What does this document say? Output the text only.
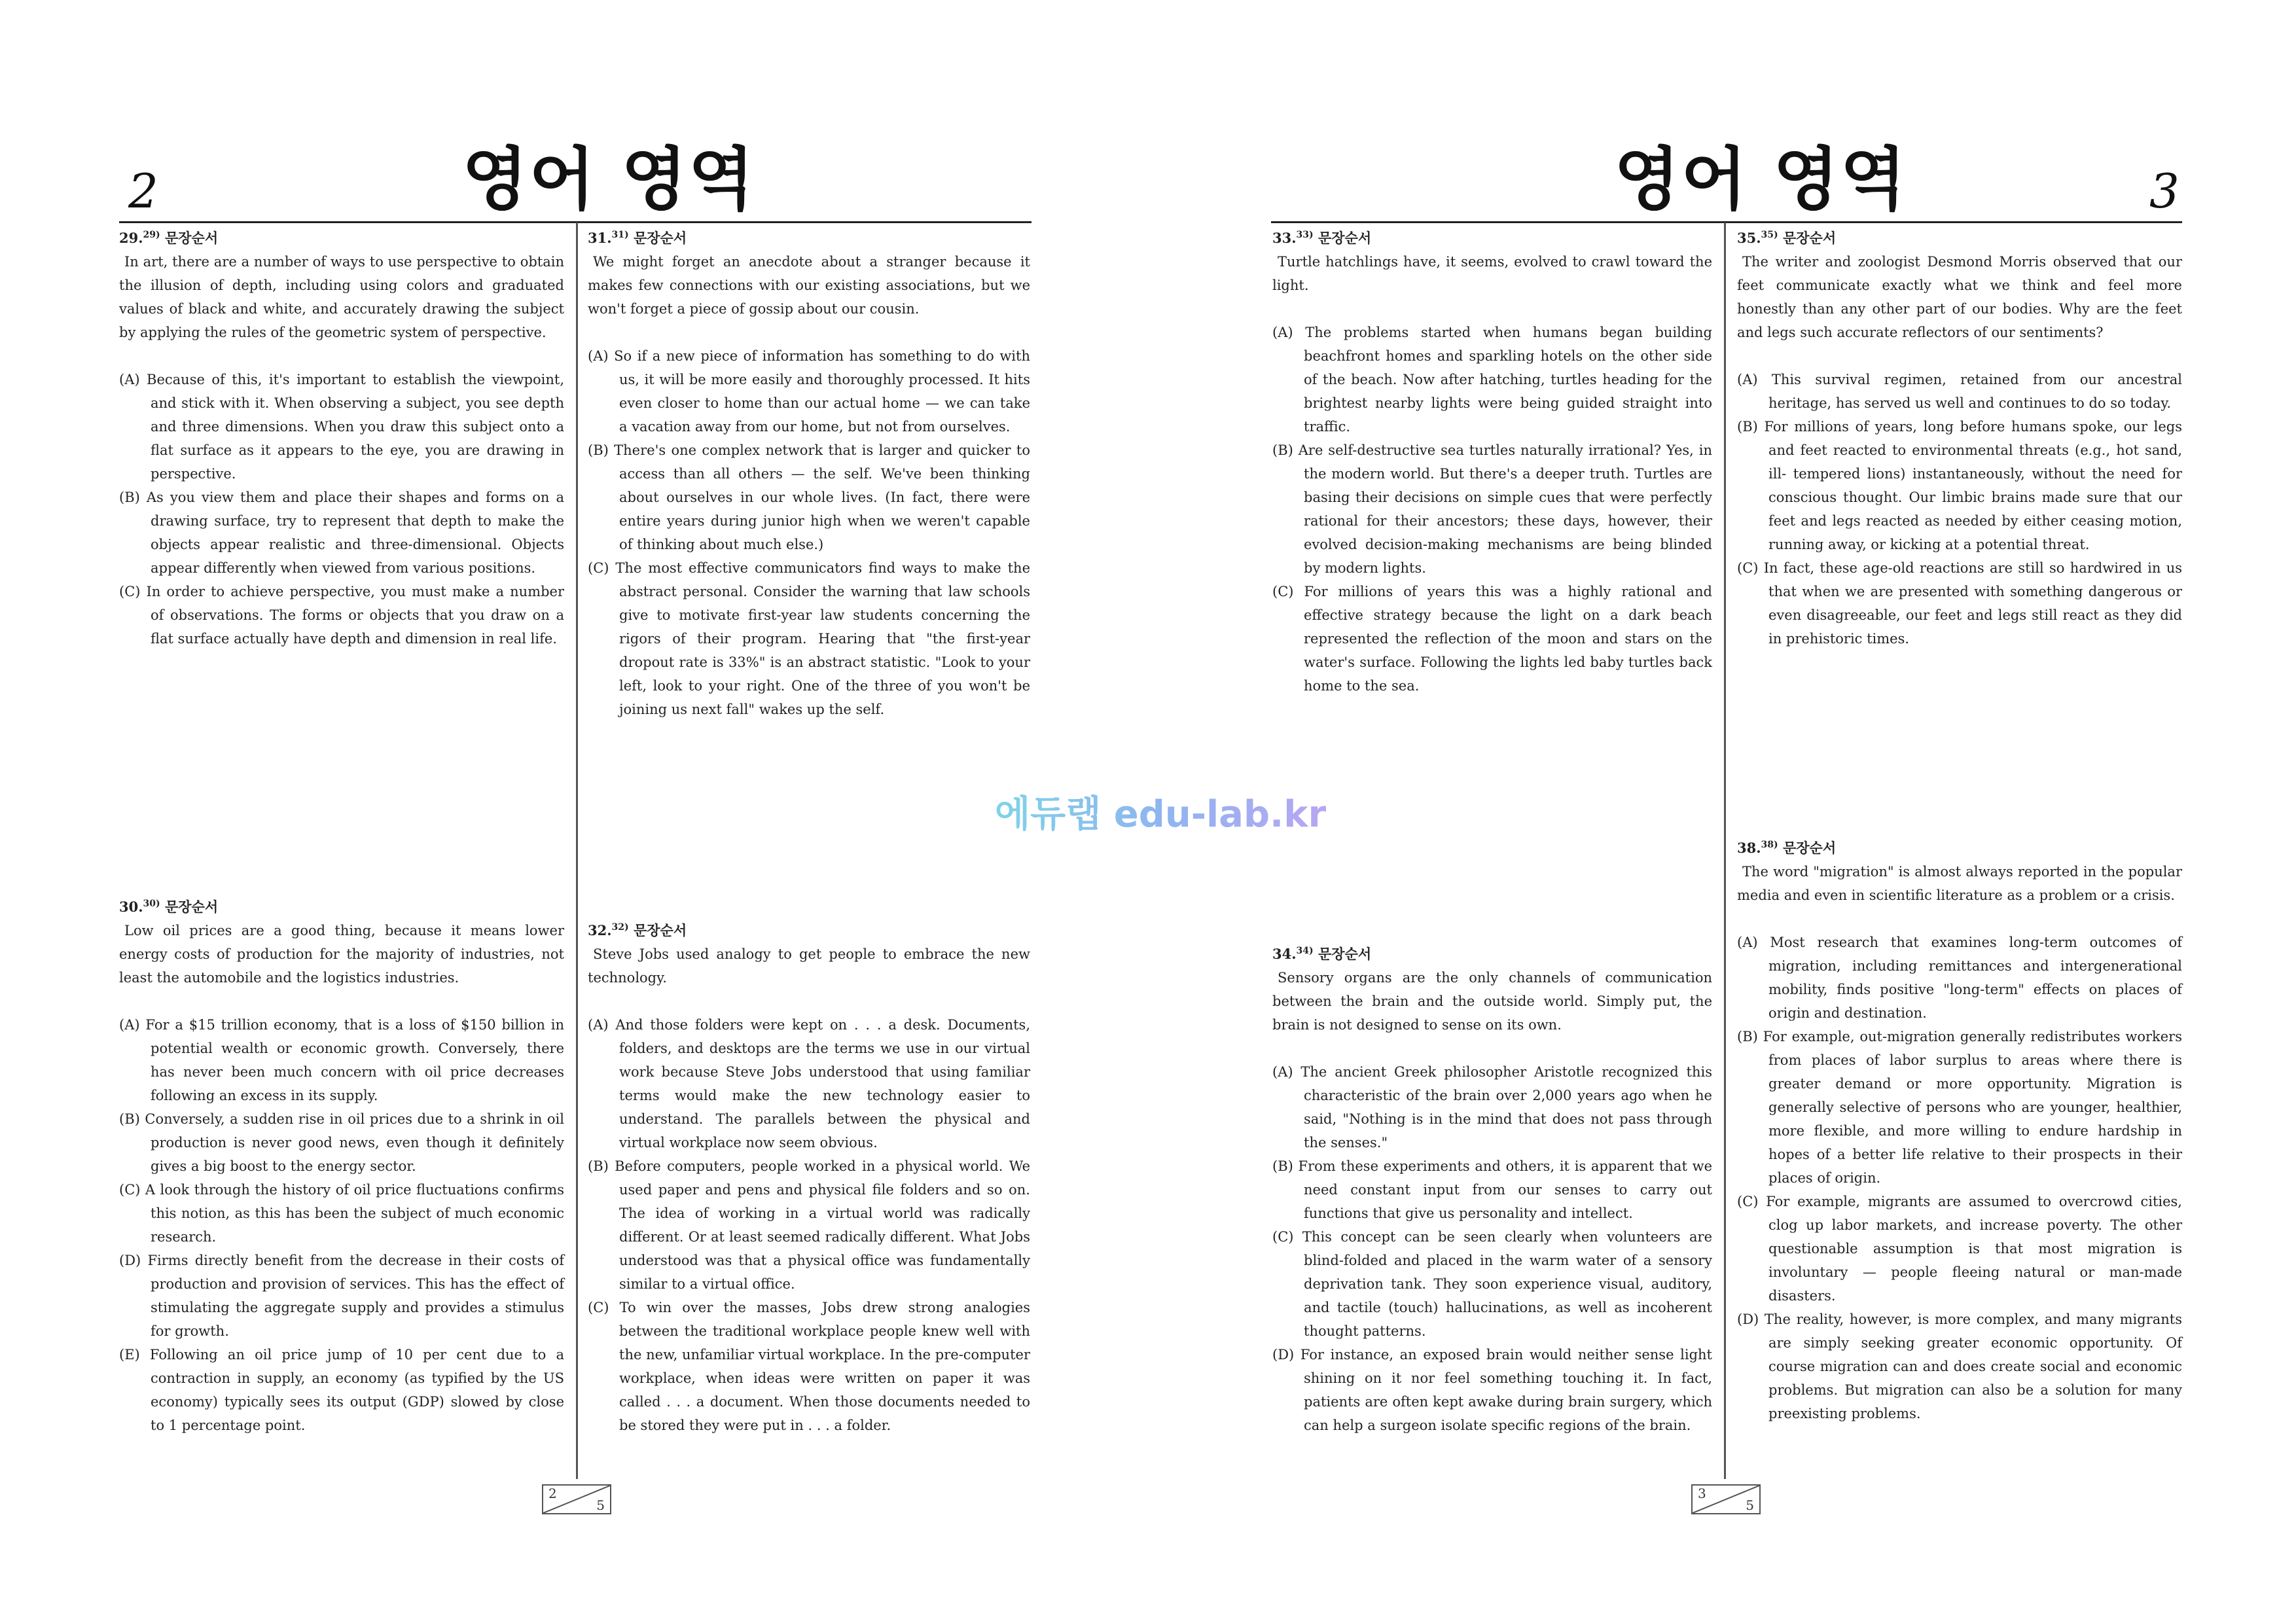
2	영어 영역
29.$^{29)}$ 문장순서

In art, there are a number of ways to use perspective to obtain the illusion of depth, including using colors and graduated values of black and white, and accurately drawing the subject by applying the rules of the geometric system of perspective.

(A) Because of this, it's important to establish the viewpoint, and stick with it. When observing a subject, you see depth and three dimensions. When you draw this subject onto a flat surface as it appears to the eye, you are drawing in perspective.
(B) As you view them and place their shapes and forms on a drawing surface, try to represent that depth to make the objects appear realistic and three-dimensional. Objects appear differently when viewed from various positions.
(C) In order to achieve perspective, you must make a number of observations. The forms or objects that you draw on a flat surface actually have depth and dimension in real life.
30.$^{30)}$ 문장순서

Low oil prices are a good thing, because it means lower energy costs of production for the majority of industries, not least the automobile and the logistics industries.

(A) For a $15 trillion economy, that is a loss of $150 billion in potential wealth or economic growth. Conversely, there has never been much concern with oil price decreases following an excess in its supply.
(B) Conversely, a sudden rise in oil prices due to a shrink in oil production is never good news, even though it definitely gives a big boost to the energy sector.
(C) A look through the history of oil price fluctuations confirms this notion, as this has been the subject of much economic research.
(D) Firms directly benefit from the decrease in their costs of production and provision of services. This has the effect of stimulating the aggregate supply and provides a stimulus for growth.
(E) Following an oil price jump of 10 per cent due to a contraction in supply, an economy (as typified by the US economy) typically sees its output (GDP) slowed by close to 1 percentage point.
31.$^{31)}$ 문장순서

We might forget an anecdote about a stranger because it makes few connections with our existing associations, but we won't forget a piece of gossip about our cousin.

(A) So if a new piece of information has something to do with us, it will be more easily and thoroughly processed. It hits even closer to home than our actual home — we can take a vacation away from our home, but not from ourselves.
(B) There's one complex network that is larger and quicker to access than all others — the self. We've been thinking about ourselves in our whole lives. (In fact, there were entire years during junior high when we weren't capable of thinking about much else.)
(C) The most effective communicators find ways to make the abstract personal. Consider the warning that law schools give to motivate first-year law students concerning the rigors of their program. Hearing that "the first-year dropout rate is 33%" is an abstract statistic. "Look to your left, look to your right. One of the three of you won't be joining us next fall" wakes up the self.
32.$^{32)}$ 문장순서

Steve Jobs used analogy to get people to embrace the new technology.

(A) And those folders were kept on . . . a desk. Documents, folders, and desktops are the terms we use in our virtual work because Steve Jobs understood that using familiar terms would make the new technology easier to understand. The parallels between the physical and virtual workplace now seem obvious.
(B) Before computers, people worked in a physical world. We used paper and pens and physical file folders and so on. The idea of working in a virtual world was radically different. Or at least seemed radically different. What Jobs understood was that a physical office was fundamentally similar to a virtual office.
(C) To win over the masses, Jobs drew strong analogies between the traditional workplace people knew well with the new, unfamiliar virtual workplace. In the pre-computer workplace, when ideas were written on paper it was called . . . a document. When those documents needed to be stored they were put in . . . a folder.
2
5
영어 영역	3
33.$^{33)}$ 문장순서

Turtle hatchlings have, it seems, evolved to crawl toward the light.

(A) The problems started when humans began building beachfront homes and sparkling hotels on the other side of the beach. Now after hatching, turtles heading for the brightest nearby lights were being guided straight into traffic.
(B) Are self-destructive sea turtles naturally irrational? Yes, in the modern world. But there's a deeper truth. Turtles are basing their decisions on simple cues that were perfectly rational for their ancestors; these days, however, their evolved decision-making mechanisms are being blinded by modern lights.
(C) For millions of years this was a highly rational and effective strategy because the light on a dark beach represented the reflection of the moon and stars on the water's surface. Following the lights led baby turtles back home to the sea.
34.$^{34)}$ 문장순서

Sensory organs are the only channels of communication between the brain and the outside world. Simply put, the brain is not designed to sense on its own.

(A) The ancient Greek philosopher Aristotle recognized this characteristic of the brain over 2,000 years ago when he said, "Nothing is in the mind that does not pass through the senses."
(B) From these experiments and others, it is apparent that we need constant input from our senses to carry out functions that give us personality and intellect.
(C) This concept can be seen clearly when volunteers are blind-folded and placed in the warm water of a sensory deprivation tank. They soon experience visual, auditory, and tactile (touch) hallucinations, as well as incoherent thought patterns.
(D) For instance, an exposed brain would neither sense light shining on it nor feel something touching it. In fact, patients are often kept awake during brain surgery, which can help a surgeon isolate specific regions of the brain.
35.$^{35)}$ 문장순서

The writer and zoologist Desmond Morris observed that our feet communicate exactly what we think and feel more honestly than any other part of our bodies. Why are the feet and legs such accurate reflectors of our sentiments?

(A) This survival regimen, retained from our ancestral heritage, has served us well and continues to do so today.
(B) For millions of years, long before humans spoke, our legs and feet reacted to environmental threats (e.g., hot sand, ill- tempered lions) instantaneously, without the need for conscious thought. Our limbic brains made sure that our feet and legs reacted as needed by either ceasing motion, running away, or kicking at a potential threat.
(C) In fact, these age-old reactions are still so hardwired in us that when we are presented with something dangerous or even disagreeable, our feet and legs still react as they did in prehistoric times.
38.$^{38)}$ 문장순서

The word "migration" is almost always reported in the popular media and even in scientific literature as a problem or a crisis.

(A) Most research that examines long-term outcomes of migration, including remittances and intergenerational mobility, finds positive "long-term" effects on places of origin and destination.
(B) For example, out-migration generally redistributes workers from places of labor surplus to areas where there is greater demand or more opportunity. Migration is generally selective of persons who are younger, healthier, more flexible, and more willing to endure hardship in hopes of a better life relative to their prospects in their places of origin.
(C) For example, migrants are assumed to overcrowd cities, clog up labor markets, and increase poverty. The other questionable assumption is that most migration is involuntary — people fleeing natural or man-made disasters.
(D) The reality, however, is more complex, and many migrants are simply seeking greater economic opportunity. Of course migration can and does create social and economic problems. But migration can also be a solution for many preexisting problems.
3
5
에듀랩 edu-lab.kr
